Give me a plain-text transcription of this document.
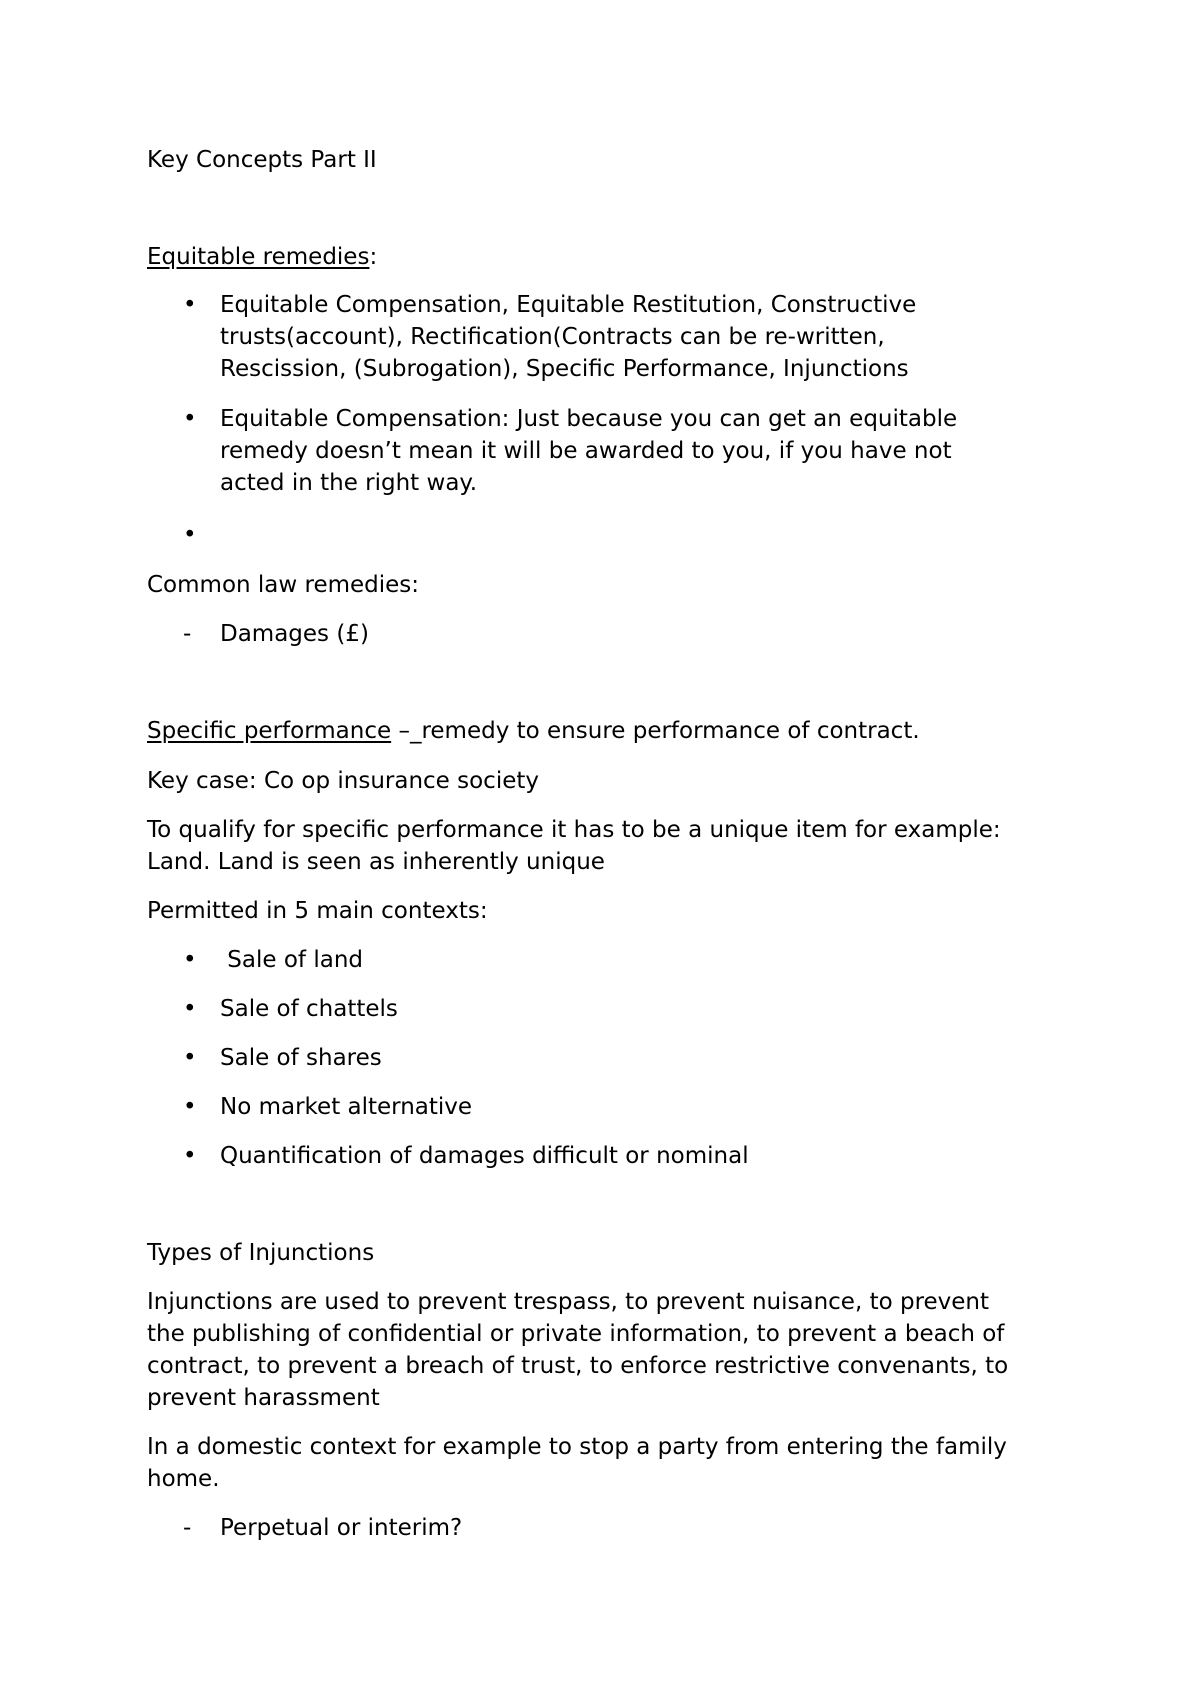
Key Concepts Part II
Equitable remedies:
• Equitable Compensation, Equitable Restitution, Constructive
trusts(account), Rectification(Contracts can be re-written,
Rescission, (Subrogation), Specific Performance, Injunctions
• Equitable Compensation: Just because you can get an equitable
remedy doesn’t mean it will be awarded to you, if you have not
acted in the right way.
•
Common law remedies:
-	Damages (£)
Specific performance –_remedy to ensure performance of contract.
Key case: Co op insurance society
To qualify for specific performance it has to be a unique item for example:
Land. Land is seen as inherently unique
Permitted in 5 main contexts:
• Sale of land
• Sale of chattels
• Sale of shares
• No market alternative
• Quantification of damages difficult or nominal
Types of Injunctions
Injunctions are used to prevent trespass, to prevent nuisance, to prevent
the publishing of confidential or private information, to prevent a beach of
contract, to prevent a breach of trust, to enforce restrictive convenants, to
prevent harassment
In a domestic context for example to stop a party from entering the family
home.
-	Perpetual or interim?
